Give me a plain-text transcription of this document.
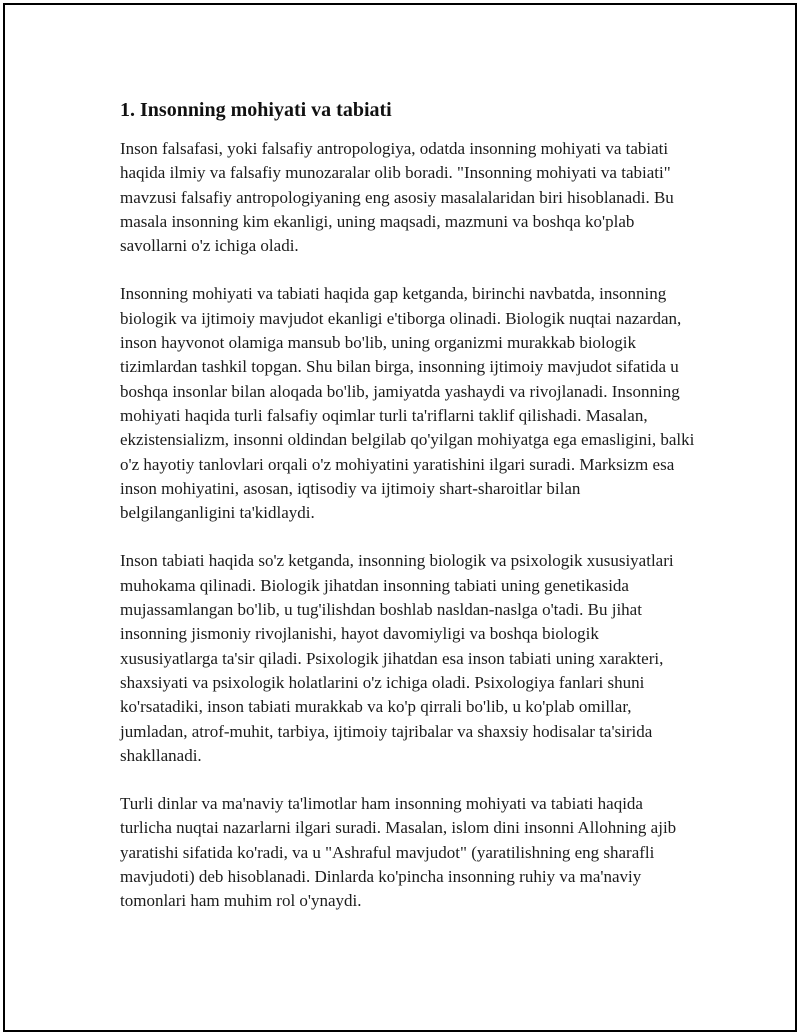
1. Insonning mohiyati va tabiati

Inson falsafasi, yoki falsafiy antropologiya, odatda insonning mohiyati va tabiati haqida ilmiy va falsafiy munozaralar olib boradi. "Insonning mohiyati va tabiati" mavzusi falsafiy antropologiyaning eng asosiy masalalaridan biri hisoblanadi. Bu masala insonning kim ekanligi, uning maqsadi, mazmuni va boshqa ko'plab savollarni o'z ichiga oladi.

Insonning mohiyati va tabiati haqida gap ketganda, birinchi navbatda, insonning biologik va ijtimoiy mavjudot ekanligi e'tiborga olinadi. Biologik nuqtai nazardan, inson hayvonot olamiga mansub bo'lib, uning organizmi murakkab biologik tizimlardan tashkil topgan. Shu bilan birga, insonning ijtimoiy mavjudot sifatida u boshqa insonlar bilan aloqada bo'lib, jamiyatda yashaydi va rivojlanadi. Insonning mohiyati haqida turli falsafiy oqimlar turli ta'riflarni taklif qilishadi. Masalan, ekzistensializm, insonni oldindan belgilab qo'yilgan mohiyatga ega emasligini, balki o'z hayotiy tanlovlari orqali o'z mohiyatini yaratishini ilgari suradi. Marksizm esa inson mohiyatini, asosan, iqtisodiy va ijtimoiy shart-sharoitlar bilan belgilanganligini ta'kidlaydi.

Inson tabiati haqida so'z ketganda, insonning biologik va psixologik xususiyatlari muhokama qilinadi. Biologik jihatdan insonning tabiati uning genetikasida mujassamlangan bo'lib, u tug'ilishdan boshlab nasldan-naslga o'tadi. Bu jihat insonning jismoniy rivojlanishi, hayot davomiyligi va boshqa biologik xususiyatlarga ta'sir qiladi. Psixologik jihatdan esa inson tabiati uning xarakteri, shaxsiyati va psixologik holatlarini o'z ichiga oladi. Psixologiya fanlari shuni ko'rsatadiki, inson tabiati murakkab va ko'p qirrali bo'lib, u ko'plab omillar, jumladan, atrof-muhit, tarbiya, ijtimoiy tajribalar va shaxsiy hodisalar ta'sirida shakllanadi.

Turli dinlar va ma'naviy ta'limotlar ham insonning mohiyati va tabiati haqida turlicha nuqtai nazarlarni ilgari suradi. Masalan, islom dini insonni Allohning ajib yaratishi sifatida ko'radi, va u "Ashraful mavjudot" (yaratilishning eng sharafli mavjudoti) deb hisoblanadi. Dinlarda ko'pincha insonning ruhiy va ma'naviy tomonlari ham muhim rol o'ynaydi.
